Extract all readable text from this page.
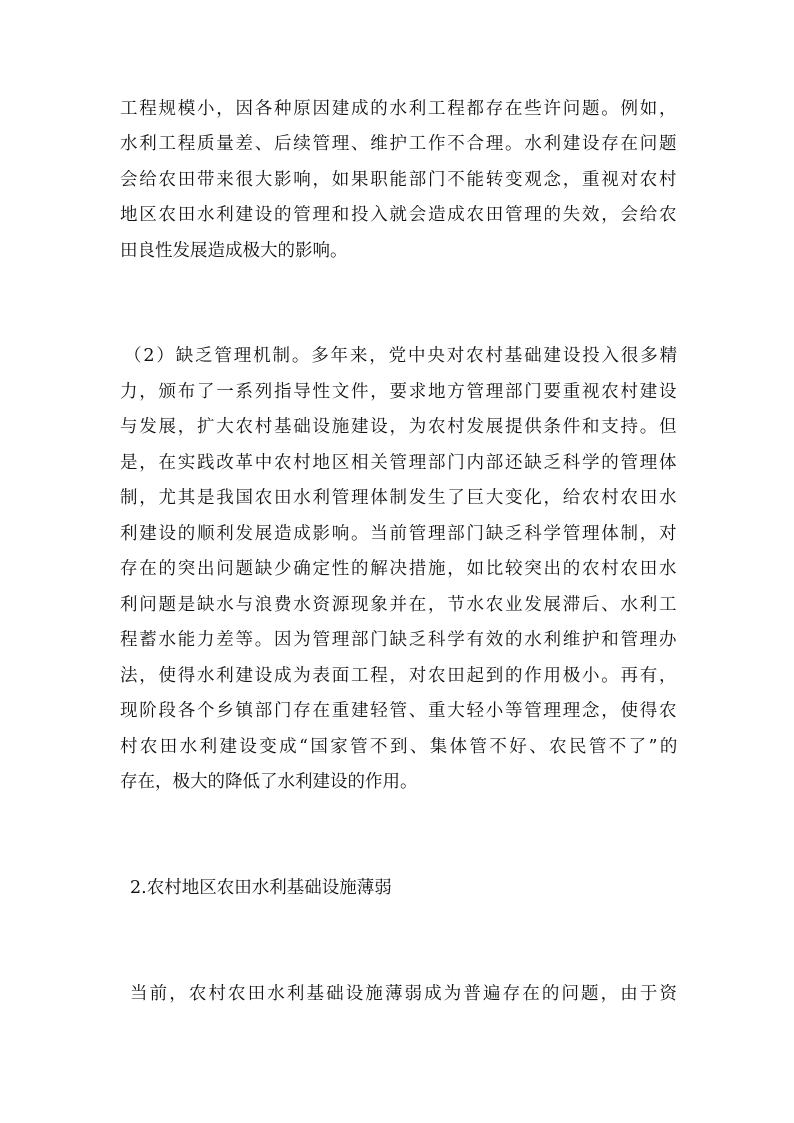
工程规模小，因各种原因建成的水利工程都存在些许问题。例如，
水利工程质量差、后续管理、维护工作不合理。水利建设存在问题
会给农田带来很大影响，如果职能部门不能转变观念，重视对农村
地区农田水利建设的管理和投入就会造成农田管理的失效，会给农
田良性发展造成极大的影响。
（2）缺乏管理机制。多年来，党中央对农村基础建设投入很多精
力，颁布了一系列指导性文件，要求地方管理部门要重视农村建设
与发展，扩大农村基础设施建设，为农村发展提供条件和支持。但
是，在实践改革中农村地区相关管理部门内部还缺乏科学的管理体
制，尤其是我国农田水利管理体制发生了巨大变化，给农村农田水
利建设的顺利发展造成影响。当前管理部门缺乏科学管理体制，对
存在的突出问题缺少确定性的解决措施，如比较突出的农村农田水
利问题是缺水与浪费水资源现象并在，节水农业发展滞后、水利工
程蓄水能力差等。因为管理部门缺乏科学有效的水利维护和管理办
法，使得水利建设成为表面工程，对农田起到的作用极小。再有，
现阶段各个乡镇部门存在重建轻管、重大轻小等管理理念，使得农
村农田水利建设变成“国家管不到、集体管不好、农民管不了”的
存在，极大的降低了水利建设的作用。
2.农村地区农田水利基础设施薄弱
当前，农村农田水利基础设施薄弱成为普遍存在的问题，由于资
